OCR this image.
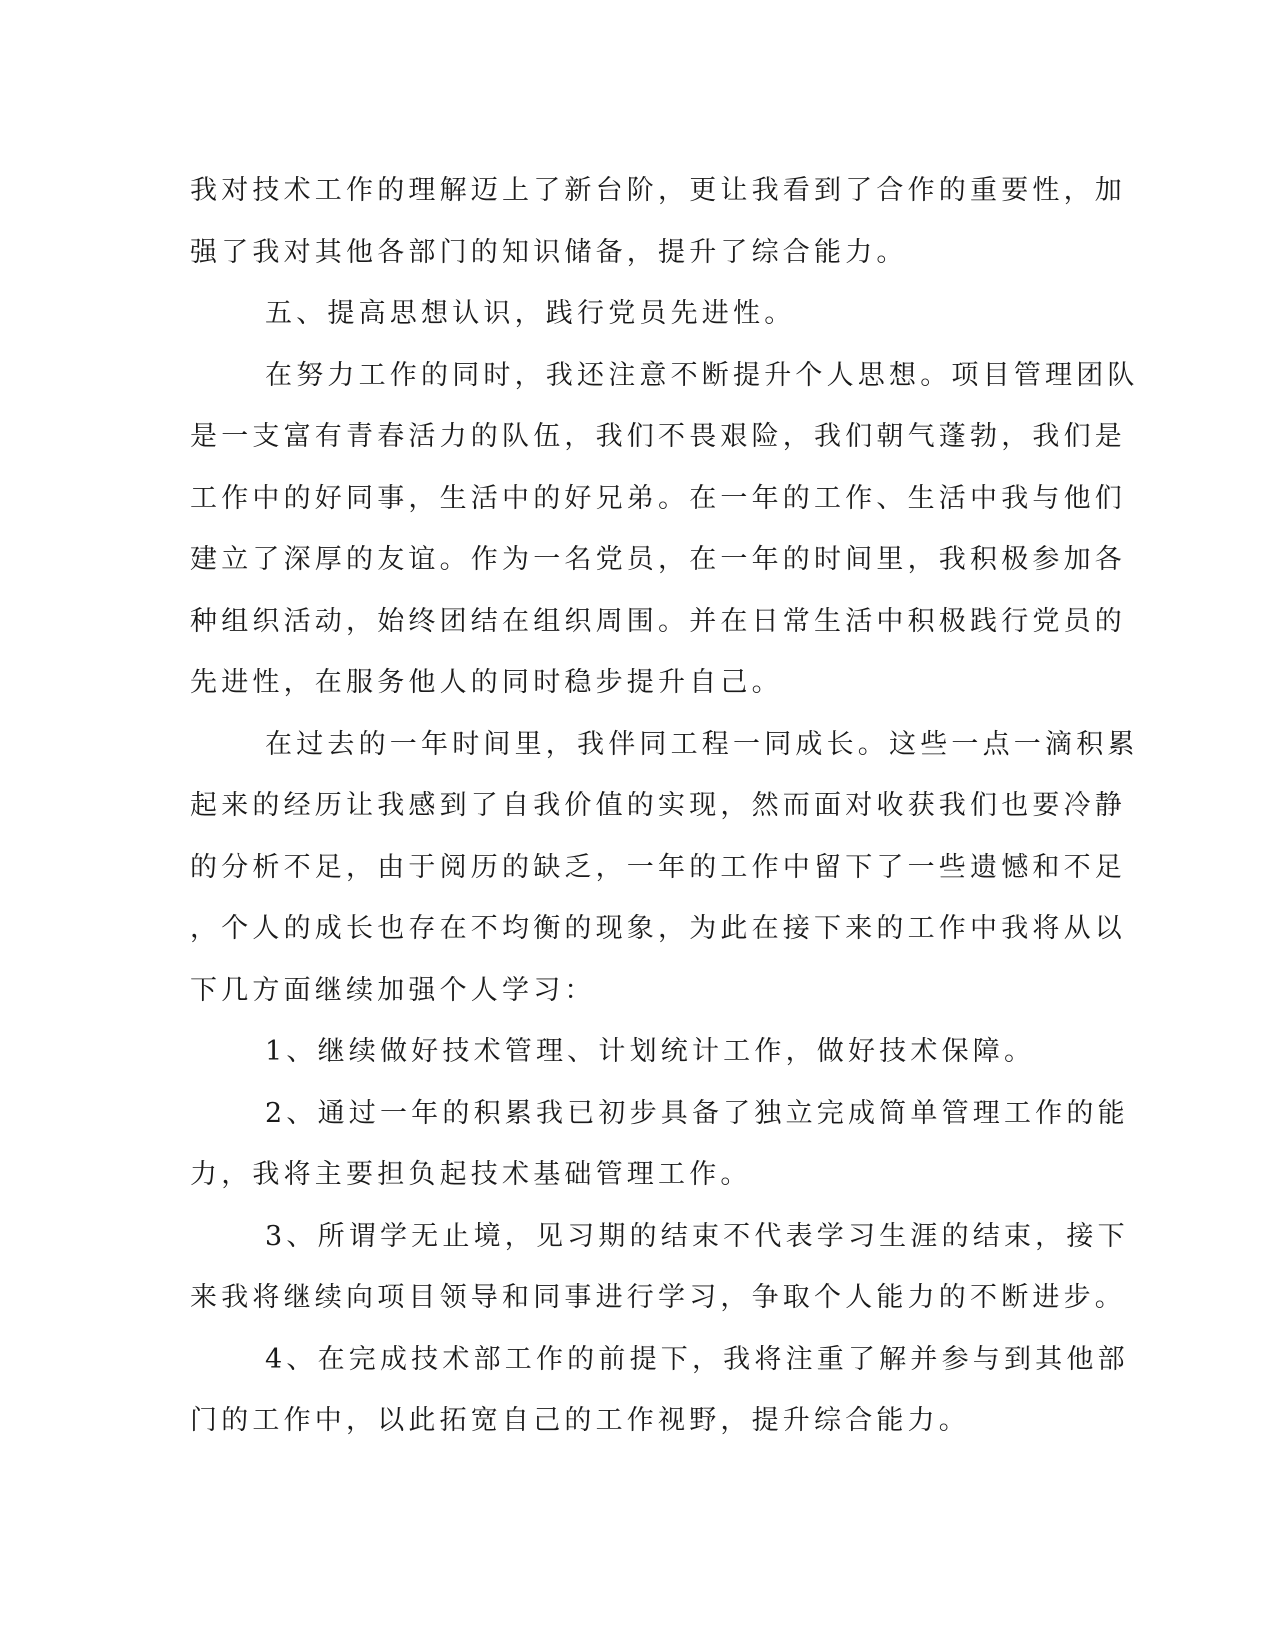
我对技术工作的理解迈上了新台阶，更让我看到了合作的重要性，加
强了我对其他各部门的知识储备，提升了综合能力。
五、提高思想认识，践行党员先进性。
在努力工作的同时，我还注意不断提升个人思想。项目管理团队
是一支富有青春活力的队伍，我们不畏艰险，我们朝气蓬勃，我们是
工作中的好同事，生活中的好兄弟。在一年的工作、生活中我与他们
建立了深厚的友谊。作为一名党员，在一年的时间里，我积极参加各
种组织活动，始终团结在组织周围。并在日常生活中积极践行党员的
先进性，在服务他人的同时稳步提升自己。
在过去的一年时间里，我伴同工程一同成长。这些一点一滴积累
起来的经历让我感到了自我价值的实现，然而面对收获我们也要冷静
的分析不足，由于阅历的缺乏，一年的工作中留下了一些遗憾和不足
，个人的成长也存在不均衡的现象，为此在接下来的工作中我将从以
下几方面继续加强个人学习：
1、继续做好技术管理、计划统计工作，做好技术保障。
2、通过一年的积累我已初步具备了独立完成简单管理工作的能
力，我将主要担负起技术基础管理工作。
3、所谓学无止境，见习期的结束不代表学习生涯的结束，接下
来我将继续向项目领导和同事进行学习，争取个人能力的不断进步。
4、在完成技术部工作的前提下，我将注重了解并参与到其他部
门的工作中，以此拓宽自己的工作视野，提升综合能力。
